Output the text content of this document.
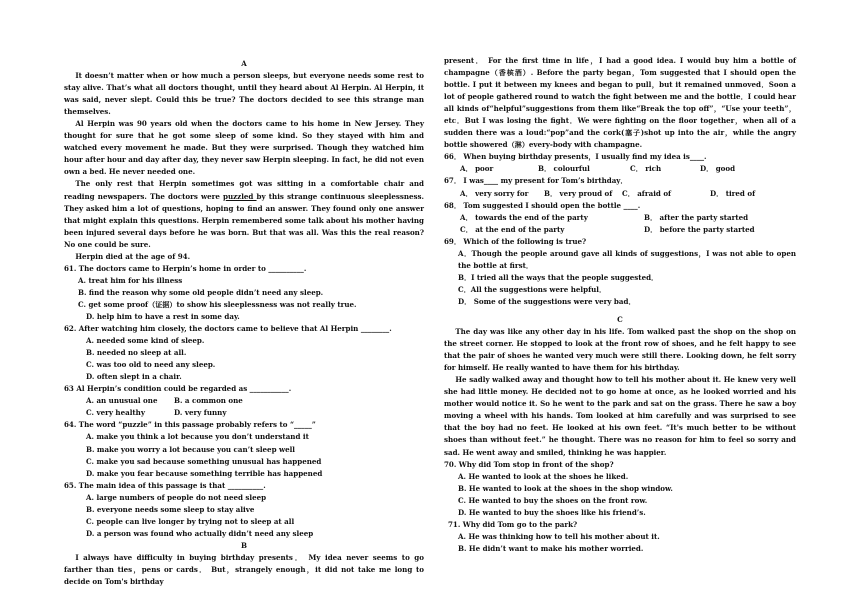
A

It doesn’t matter when or how much a person sleeps, but everyone needs some rest to stay alive. That’s what all doctors thought, until they heard about Al Herpin. Al Herpin, it was said, never slept. Could this be true? The doctors decided to see this strange man themselves.

Al Herpin was 90 years old when the doctors came to his home in New Jersey. They thought for sure that he got some sleep of some kind. So they stayed with him and watched every movement he made. But they were surprised. Though they watched him hour after hour and day after day, they never saw Herpin sleeping. In fact, he did not even own a bed. He never needed one.

The only rest that Herpin sometimes got was sitting in a comfortable chair and reading newspapers. The doctors were puzzled by this strange continuous sleeplessness. They asked him a lot of questions, hoping to find an answer. They found only one answer that might explain this questions. Herpin remembered some talk about his mother having been injured several days before he was born. But that was all. Was this the real reason? No one could be sure.

Herpin died at the age of 94.

61. The doctors came to Herpin’s home in order to __________.

A. treat him for his illness

B. find the reason why some old people didn’t need any sleep.

C. get some proof（证据）to show his sleeplessness was not really true.

D. help him to have a rest in some day.

62. After watching him closely, the doctors came to believe that Al Herpin ________.

A. needed some kind of sleep.

B. needed no sleep at all.

C. was too old to need any sleep.

D. often slept in a chair.

63 Al Herpin’s condition could be regarded as ___________.

A. an unusual one	B. a common one
C. very healthy	D. very funny

64. The word “puzzle” in this passage probably refers to “_____”

A. make you think a lot because you don’t understand it

B. make you worry a lot because you can’t sleep well

C. make you sad because something unusual has happened

D. make you fear because something terrible has happened

65. The main idea of this passage is that __________.

A. large numbers of people do not need sleep

B. everyone needs some sleep to stay alive

C. people can live longer by trying not to sleep at all

D. a person was found who actually didn’t need any sleep

B

I always have difficulty in buying birthday presents． My idea never seems to go farther than ties，pens or cards． But，strangely enough，it did not take me long to decide on Tom's birthday

present． For the first time in life，I had a good idea. I would buy him a bottle of champagne（香槟酒）. Before the party began，Tom suggested that I should open the bottle. I put it between my knees and began to pull，but it remained unmoved．Soon a lot of people gathered round to watch the fight between me and the bottle．I could hear all kinds of“helpful”suggestions from them like“Break the top off”，“Use your teeth”，etc．But I was losing the fight．We were fighting on the floor together，when all of a sudden there was a loud:“pop”and the cork(塞子)shot up into the air，while the angry bottle showered（淋）every-body with champagne.

66． When buying birthday presents，I usually find my idea is____.

A． poor	B． colourful	C． rich	D． good

67． I was____ my present for Tom’s birthday．

A． very sorry for	B． very proud of	C． afraid of	D． tired of

68． Tom suggested I should open the bottle ____.

A． towards the end of the party	B． after the party started
C． at the end of the party	D． before the party started

69． Which of the following is true?

A．Though the people around gave all kinds of suggestions，I was not able to open the bottle at first．

B．I tried all the ways that the people suggested．

C．All the suggestions were helpful．

D． Some of the suggestions were very bad．

C

The day was like any other day in his life. Tom walked past the shop on the shop on the street corner. He stopped to look at the front row of shoes, and he felt happy to see that the pair of shoes he wanted very much were still there. Looking down, he felt sorry for himself. He really wanted to have them for his birthday.

He sadly walked away and thought how to tell his mother about it. He knew very well she had little money. He decided not to go home at once, as he looked worried and his mother would notice it. So he went to the park and sat on the grass. There he saw a boy moving a wheel with his hands. Tom looked at him carefully and was surprised to see that the boy had no feet. He looked at his own feet. “It's much better to be without shoes than without feet.” he thought. There was no reason for him to feel so sorry and sad. He went away and smiled, thinking he was happier.

70. Why did Tom stop in front of the shop?

A. He wanted to look at the shoes he liked.

B. He wanted to look at the shoes in the shop window.

C. He wanted to buy the shoes on the front row.

D. He wanted to buy the shoes like his friend’s.

71. Why did Tom go to the park?

A. He was thinking how to tell his mother about it.

B. He didn’t want to make his mother worried.
